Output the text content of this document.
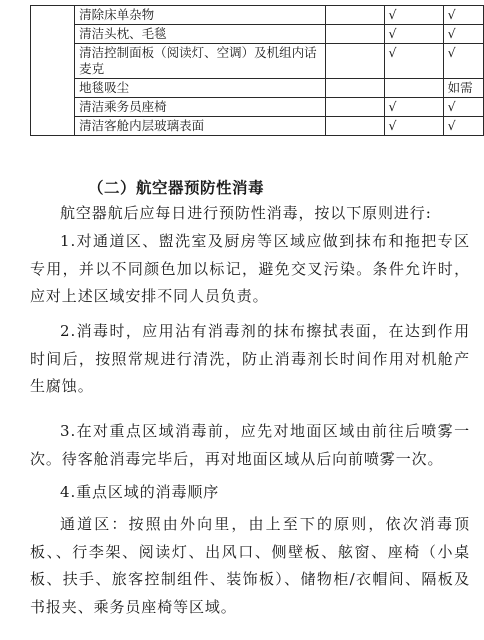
	清除床单杂物		√	√
	清洁头枕、毛毯		√	√
	清洁控制面板（阅读灯、空调）及机组内话麦克		√	√
	地毯吸尘			如需
	清洁乘务员座椅		√	√
	清洁客舱内层玻璃表面		√	√
（二）航空器预防性消毒

航空器航后应每日进行预防性消毒，按以下原则进行:

1.对通道区、盥洗室及厨房等区域应做到抹布和拖把专区专用，并以不同颜色加以标记，避免交叉污染。条件允许时，应对上述区域安排不同人员负责。

2.消毒时，应用沾有消毒剂的抹布擦拭表面，在达到作用时间后，按照常规进行清洗，防止消毒剂长时间作用对机舱产生腐蚀。

3.在对重点区域消毒前，应先对地面区域由前往后喷雾一次。待客舱消毒完毕后，再对地面区域从后向前喷雾一次。

4.重点区域的消毒顺序

通道区：按照由外向里，由上至下的原则，依次消毒顶板、、行李架、阅读灯、出风口、侧壁板、舷窗、座椅（小桌板、扶手、旅客控制组件、装饰板）、储物柜/衣帽间、隔板及书报夹、乘务员座椅等区域。
